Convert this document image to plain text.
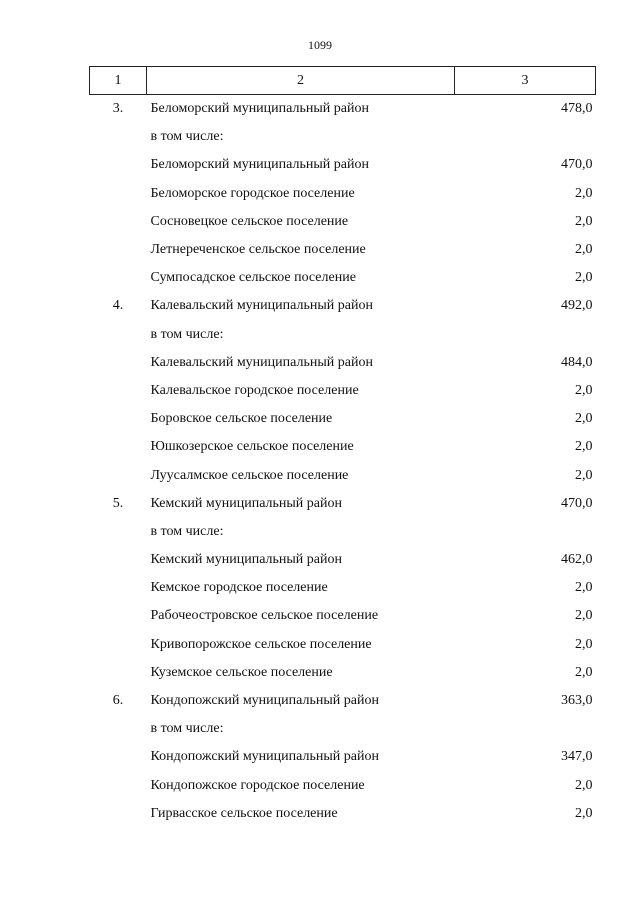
1099
1	2	3
3.	Беломорский муниципальный район	478,0
	в том числе:	
	Беломорский муниципальный район	470,0
	Беломорское городское поселение	2,0
	Сосновецкое сельское поселение	2,0
	Летнереченское сельское поселение	2,0
	Сумпосадское сельское поселение	2,0
4.	Калевальский муниципальный район	492,0
	в том числе:	
	Калевальский муниципальный район	484,0
	Калевальское городское поселение	2,0
	Боровское сельское поселение	2,0
	Юшкозерское сельское поселение	2,0
	Луусалмское сельское поселение	2,0
5.	Кемский муниципальный район	470,0
	в том числе:	
	Кемский муниципальный район	462,0
	Кемское городское поселение	2,0
	Рабочеостровское сельское поселение	2,0
	Кривопорожское сельское поселение	2,0
	Куземское сельское поселение	2,0
6.	Кондопожский муниципальный район	363,0
	в том числе:	
	Кондопожский муниципальный район	347,0
	Кондопожское городское поселение	2,0
	Гирвасское сельское поселение	2,0
